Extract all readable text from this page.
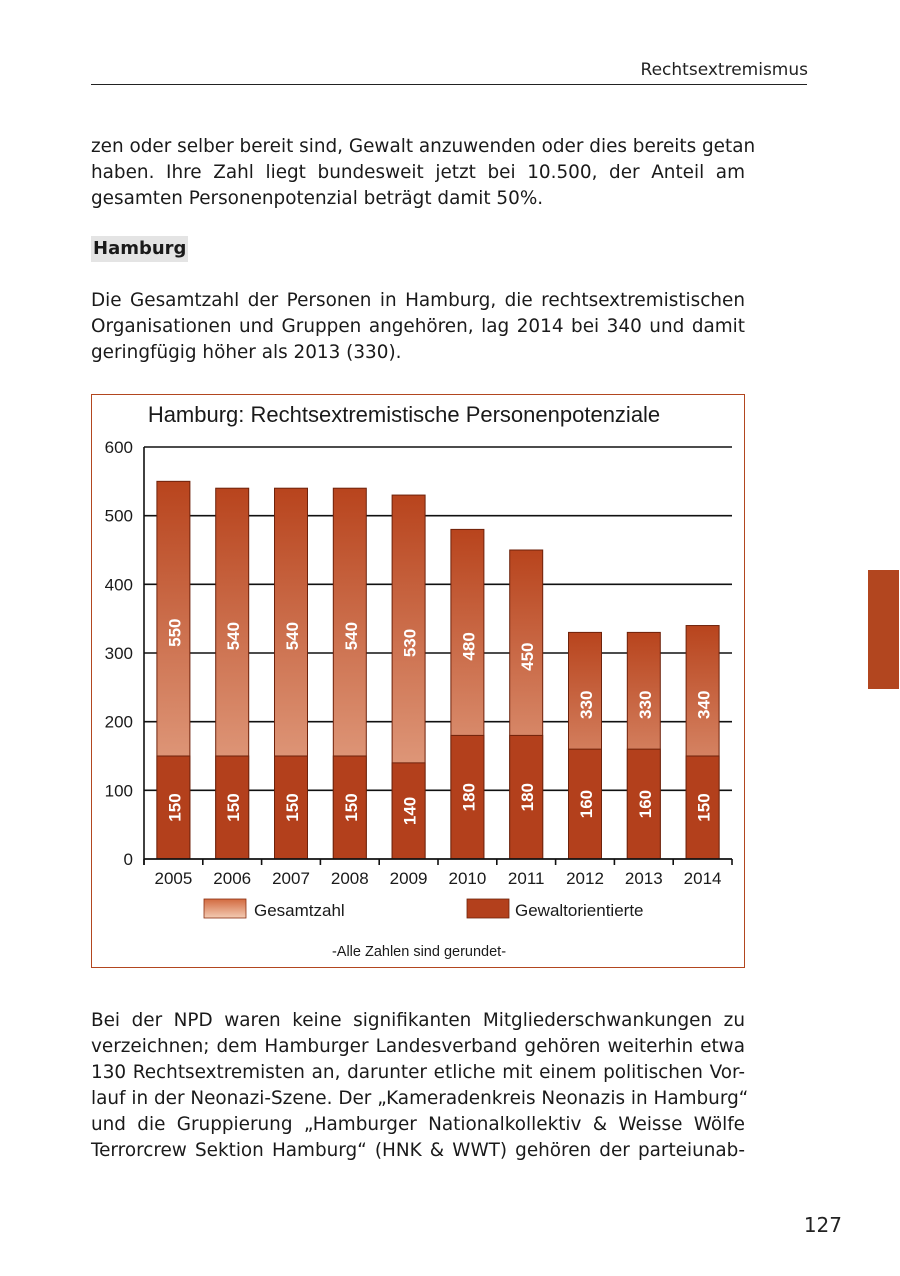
Rechtsextremismus
zen oder selber bereit sind, Gewalt anzuwenden oder dies bereits getan
haben. Ihre Zahl liegt bundesweit jetzt bei 10.500, der Anteil am
gesamten Personenpotenzial beträgt damit 50%.
Hamburg
Die Gesamtzahl der Personen in Hamburg, die rechtsextremistischen
Organisationen und Gruppen angehören, lag 2014 bei 340 und damit
geringfügig höher als 2013 (330).
Hamburg: Rechtsextremistische Personenpotenziale
0
100
200
300
400
500
600
2005 2006 2007 2008 2009 2010 2011 2012 2013 2014
550
150
540
150
540
150
540
150
530
140
480
180
450
180
330
160
330
160
340
150
Gesamtzahl	Gewaltorientierte
-Alle Zahlen sind gerundet-
Bei der NPD waren keine signifikanten Mitgliederschwankungen zu
verzeichnen; dem Hamburger Landesverband gehören weiterhin etwa
130 Rechtsextremisten an, darunter etliche mit einem politischen Vor-
lauf in der Neonazi-Szene. Der „Kameradenkreis Neonazis in Hamburg“
und die Gruppierung „Hamburger Nationalkollektiv & Weisse Wölfe
Terrorcrew Sektion Hamburg“ (HNK & WWT) gehören der parteiunab-
127
